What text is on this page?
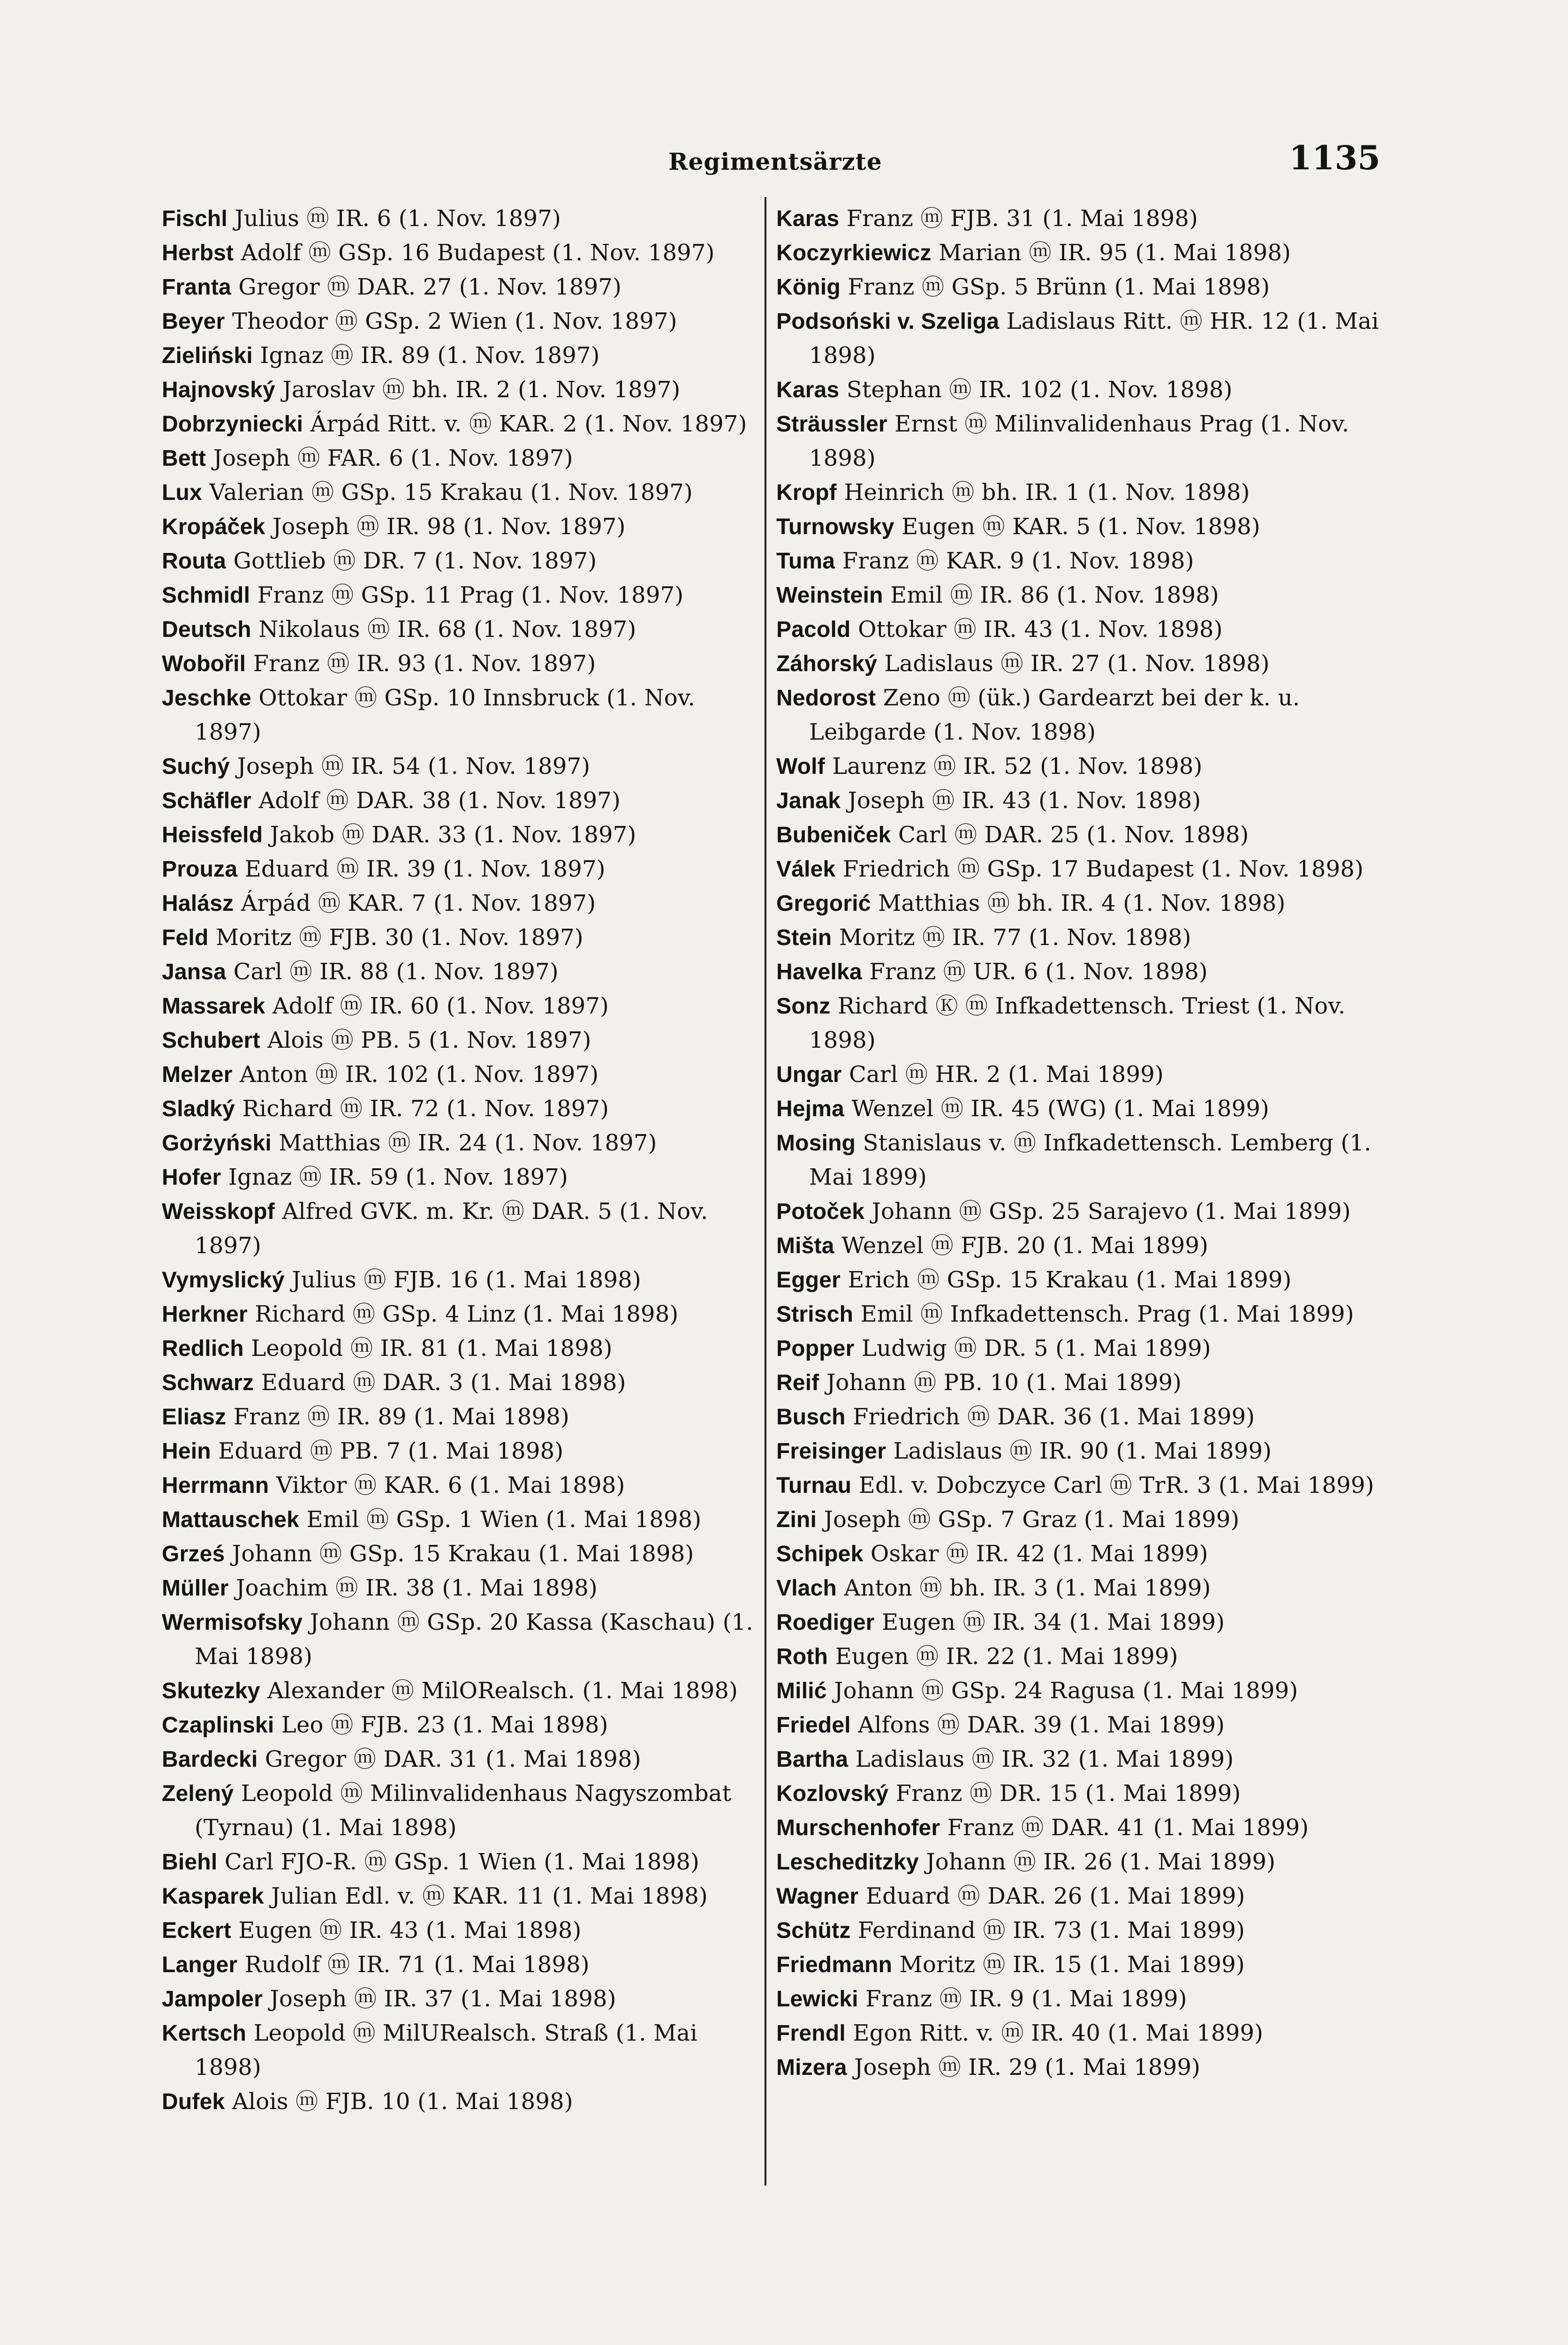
Regimentsärzte	1135
Fischl Julius ⓜ IR. 6 (1. Nov. 1897)
Herbst Adolf ⓜ GSp. 16 Budapest (1. Nov. 1897)
Franta Gregor ⓜ DAR. 27 (1. Nov. 1897)
Beyer Theodor ⓜ GSp. 2 Wien (1. Nov. 1897)
Zieliński Ignaz ⓜ IR. 89 (1. Nov. 1897)
Hajnovský Jaroslav ⓜ bh. IR. 2 (1. Nov. 1897)
Dobrzyniecki Árpád Ritt. v. ⓜ KAR. 2 (1. Nov. 1897)
Bett Joseph ⓜ FAR. 6 (1. Nov. 1897)
Lux Valerian ⓜ GSp. 15 Krakau (1. Nov. 1897)
Kropáček Joseph ⓜ IR. 98 (1. Nov. 1897)
Routa Gottlieb ⓜ DR. 7 (1. Nov. 1897)
Schmidl Franz ⓜ GSp. 11 Prag (1. Nov. 1897)
Deutsch Nikolaus ⓜ IR. 68 (1. Nov. 1897)
Wobořil Franz ⓜ IR. 93 (1. Nov. 1897)
Jeschke Ottokar ⓜ GSp. 10 Innsbruck (1. Nov. 1897)
Suchý Joseph ⓜ IR. 54 (1. Nov. 1897)
Schäfler Adolf ⓜ DAR. 38 (1. Nov. 1897)
Heissfeld Jakob ⓜ DAR. 33 (1. Nov. 1897)
Prouza Eduard ⓜ IR. 39 (1. Nov. 1897)
Halász Árpád ⓜ KAR. 7 (1. Nov. 1897)
Feld Moritz ⓜ FJB. 30 (1. Nov. 1897)
Jansa Carl ⓜ IR. 88 (1. Nov. 1897)
Massarek Adolf ⓜ IR. 60 (1. Nov. 1897)
Schubert Alois ⓜ PB. 5 (1. Nov. 1897)
Melzer Anton ⓜ IR. 102 (1. Nov. 1897)
Sladký Richard ⓜ IR. 72 (1. Nov. 1897)
Gorżyński Matthias ⓜ IR. 24 (1. Nov. 1897)
Hofer Ignaz ⓜ IR. 59 (1. Nov. 1897)
Weisskopf Alfred GVK. m. Kr. ⓜ DAR. 5 (1. Nov. 1897)
Vymyslický Julius ⓜ FJB. 16 (1. Mai 1898)
Herkner Richard ⓜ GSp. 4 Linz (1. Mai 1898)
Redlich Leopold ⓜ IR. 81 (1. Mai 1898)
Schwarz Eduard ⓜ DAR. 3 (1. Mai 1898)
Eliasz Franz ⓜ IR. 89 (1. Mai 1898)
Hein Eduard ⓜ PB. 7 (1. Mai 1898)
Herrmann Viktor ⓜ KAR. 6 (1. Mai 1898)
Mattauschek Emil ⓜ GSp. 1 Wien (1. Mai 1898)
Grześ Johann ⓜ GSp. 15 Krakau (1. Mai 1898)
Müller Joachim ⓜ IR. 38 (1. Mai 1898)
Wermisofsky Johann ⓜ GSp. 20 Kassa (Kaschau) (1. Mai 1898)
Skutezky Alexander ⓜ MilORealsch. (1. Mai 1898)
Czaplinski Leo ⓜ FJB. 23 (1. Mai 1898)
Bardecki Gregor ⓜ DAR. 31 (1. Mai 1898)
Zelený Leopold ⓜ Milinvalidenhaus Nagyszombat (Tyrnau) (1. Mai 1898)
Biehl Carl FJO-R. ⓜ GSp. 1 Wien (1. Mai 1898)
Kasparek Julian Edl. v. ⓜ KAR. 11 (1. Mai 1898)
Eckert Eugen ⓜ IR. 43 (1. Mai 1898)
Langer Rudolf ⓜ IR. 71 (1. Mai 1898)
Jampoler Joseph ⓜ IR. 37 (1. Mai 1898)
Kertsch Leopold ⓜ MilURealsch. Straß (1. Mai 1898)
Dufek Alois ⓜ FJB. 10 (1. Mai 1898)
Karas Franz ⓜ FJB. 31 (1. Mai 1898)
Koczyrkiewicz Marian ⓜ IR. 95 (1. Mai 1898)
König Franz ⓜ GSp. 5 Brünn (1. Mai 1898)
Podsoński v. Szeliga Ladislaus Ritt. ⓜ HR. 12 (1. Mai 1898)
Karas Stephan ⓜ IR. 102 (1. Nov. 1898)
Sträussler Ernst ⓜ Milinvalidenhaus Prag (1. Nov. 1898)
Kropf Heinrich ⓜ bh. IR. 1 (1. Nov. 1898)
Turnowsky Eugen ⓜ KAR. 5 (1. Nov. 1898)
Tuma Franz ⓜ KAR. 9 (1. Nov. 1898)
Weinstein Emil ⓜ IR. 86 (1. Nov. 1898)
Pacold Ottokar ⓜ IR. 43 (1. Nov. 1898)
Záhorský Ladislaus ⓜ IR. 27 (1. Nov. 1898)
Nedorost Zeno ⓜ (ük.) Gardearzt bei der k. u. Leibgarde (1. Nov. 1898)
Wolf Laurenz ⓜ IR. 52 (1. Nov. 1898)
Janak Joseph ⓜ IR. 43 (1. Nov. 1898)
Bubeniček Carl ⓜ DAR. 25 (1. Nov. 1898)
Válek Friedrich ⓜ GSp. 17 Budapest (1. Nov. 1898)
Gregorić Matthias ⓜ bh. IR. 4 (1. Nov. 1898)
Stein Moritz ⓜ IR. 77 (1. Nov. 1898)
Havelka Franz ⓜ UR. 6 (1. Nov. 1898)
Sonz Richard Ⓚ ⓜ Infkadettensch. Triest (1. Nov. 1898)
Ungar Carl ⓜ HR. 2 (1. Mai 1899)
Hejma Wenzel ⓜ IR. 45 (WG) (1. Mai 1899)
Mosing Stanislaus v. ⓜ Infkadettensch. Lemberg (1. Mai 1899)
Potoček Johann ⓜ GSp. 25 Sarajevo (1. Mai 1899)
Mišta Wenzel ⓜ FJB. 20 (1. Mai 1899)
Egger Erich ⓜ GSp. 15 Krakau (1. Mai 1899)
Strisch Emil ⓜ Infkadettensch. Prag (1. Mai 1899)
Popper Ludwig ⓜ DR. 5 (1. Mai 1899)
Reif Johann ⓜ PB. 10 (1. Mai 1899)
Busch Friedrich ⓜ DAR. 36 (1. Mai 1899)
Freisinger Ladislaus ⓜ IR. 90 (1. Mai 1899)
Turnau Edl. v. Dobczyce Carl ⓜ TrR. 3 (1. Mai 1899)
Zini Joseph ⓜ GSp. 7 Graz (1. Mai 1899)
Schipek Oskar ⓜ IR. 42 (1. Mai 1899)
Vlach Anton ⓜ bh. IR. 3 (1. Mai 1899)
Roediger Eugen ⓜ IR. 34 (1. Mai 1899)
Roth Eugen ⓜ IR. 22 (1. Mai 1899)
Milić Johann ⓜ GSp. 24 Ragusa (1. Mai 1899)
Friedel Alfons ⓜ DAR. 39 (1. Mai 1899)
Bartha Ladislaus ⓜ IR. 32 (1. Mai 1899)
Kozlovský Franz ⓜ DR. 15 (1. Mai 1899)
Murschenhofer Franz ⓜ DAR. 41 (1. Mai 1899)
Lescheditzky Johann ⓜ IR. 26 (1. Mai 1899)
Wagner Eduard ⓜ DAR. 26 (1. Mai 1899)
Schütz Ferdinand ⓜ IR. 73 (1. Mai 1899)
Friedmann Moritz ⓜ IR. 15 (1. Mai 1899)
Lewicki Franz ⓜ IR. 9 (1. Mai 1899)
Frendl Egon Ritt. v. ⓜ IR. 40 (1. Mai 1899)
Mizera Joseph ⓜ IR. 29 (1. Mai 1899)
